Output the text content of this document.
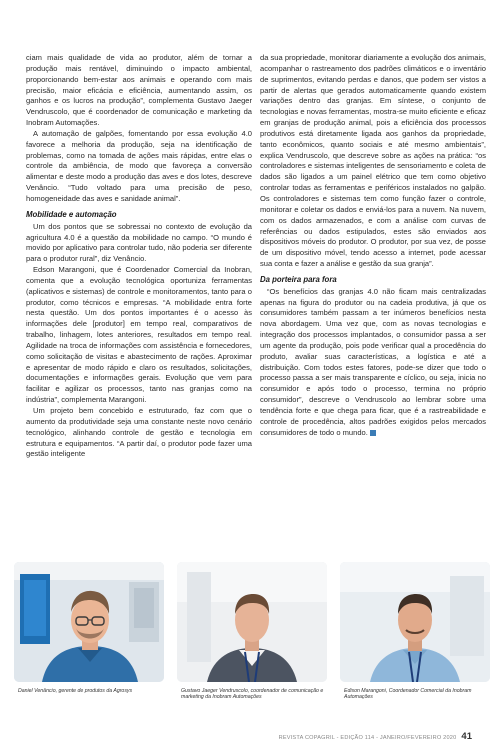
ciam mais qualidade de vida ao produtor, além de tornar a produção mais rentável, diminuindo o impacto ambiental, proporcionando bem-estar aos animais e operando com mais precisão, maior eficácia e eficiência, aumentando assim, os ganhos e os lucros na produção”, complementa Gustavo Jaeger Vendruscolo, que é coordenador de comunicação e marketing da Inobram Automações.

A automação de galpões, fomentando por essa evolução 4.0 favorece a melhoria da produção, seja na identificação de problemas, como na tomada de ações mais rápidas, entre elas o controle da ambiência, de modo que favoreça a conversão alimentar e deste modo a produção das aves e dos lotes, descreve Venâncio. “Tudo voltado para uma precisão de peso, homogeneidade das aves e sanidade animal”.

Mobilidade e automação

Um dos pontos que se sobressai no contexto de evolução da agricultura 4.0 é a questão da mobilidade no campo. “O mundo é movido por aplicativo para controlar tudo, não poderia ser diferente para o produtor rural”, diz Venâncio.

Edson Marangoni, que é Coordenador Comercial da Inobran, comenta que a evolução tecnológica oportuniza ferramentas (aplicativos e sistemas) de controle e monitoramentos, tanto para o produtor, como técnicos e empresas. “A mobilidade entra forte nesta questão. Um dos pontos importantes é o acesso às informações dele [produtor] em tempo real, comparativos de trabalho, linhagem, lotes anteriores, resultados em tempo real. Agilidade na troca de informações com assistência e fornecedores, como solicitação de visitas e abastecimento de rações. Aproximar e apresentar de modo rápido e claro os resultados, solicitações, documentações e informações gerais. Evolução que vem para facilitar e agilizar os processos, tanto nas granjas como na indústria”, complementa Marangoni.

Um projeto bem concebido e estruturado, faz com que o aumento da produtividade seja uma constante neste novo cenário tecnológico, alinhando controle de gestão e tecnologia em estrutura e equipamentos. “A partir daí, o produtor pode fazer uma gestão inteligente

da sua propriedade, monitorar diariamente a evolução dos animais, acompanhar o rastreamento dos padrões climáticos e o inventário de suprimentos, evitando perdas e danos, que podem ser vistos a partir de alertas que gerados automaticamente quando existem variações dentro das granjas. Em síntese, o conjunto de tecnologias e novas ferramentas, mostra-se muito eficiente e eficaz em granjas de produção animal, pois a eficiência dos processos produtivos está diretamente ligada aos ganhos da propriedade, tanto econômicos, quanto sociais e até mesmo ambientais”, explica Vendruscolo, que descreve sobre as ações na prática: “os controladores e sistemas inteligentes de sensoriamento e coleta de dados são ligados a um painel elétrico que tem como objetivo controlar todas as ferramentas e periféricos instalados no galpão. Os controladores e sistemas tem como função fazer o controle, monitorar e coletar os dados e enviá-los para a nuvem. Na nuvem, com os dados armazenados, e com a análise com curvas de referências ou dados estipulados, estes são enviados aos dispositivos móveis do produtor. O produtor, por sua vez, de posse de um dispositivo móvel, tendo acesso a internet, pode acessar sua conta e fazer a análise e gestão da sua granja”.

Da porteira para fora

“Os benefícios das granjas 4.0 não ficam mais centralizadas apenas na figura do produtor ou na cadeia produtiva, já que os consumidores também passam a ter inúmeros benefícios nesta nova abordagem. Uma vez que, com as novas tecnologias e integração dos processos implantados, o consumidor passa a ser um agente da produção, pois pode verificar qual a procedência do produto, avaliar suas características, a logística e até a distribuição. Com todos estes fatores, pode-se dizer que todo o processo passa a ser mais transparente e cíclico, ou seja, inicia no consumidor e após todo o processo, termina no próprio consumidor”, descreve o Vendruscolo ao lembrar sobre uma tendência forte e que chega para ficar, que é a rastreabilidade e controle de procedência, altos padrões exigidos pelos mercados consumidores de todo o mundo.

Daniel Venâncio, gerente de produtos da Agrosys	Gustavo Jaeger Vendruscolo, coordenador de comunicação e marketing da Inobram Automações
Edison Marangoni, Coordenador Comercial da Inobram Automações
REVISTA COPAGRIL - EDIÇÃO 114 - JANEIRO/FEVEREIRO 2020 41
